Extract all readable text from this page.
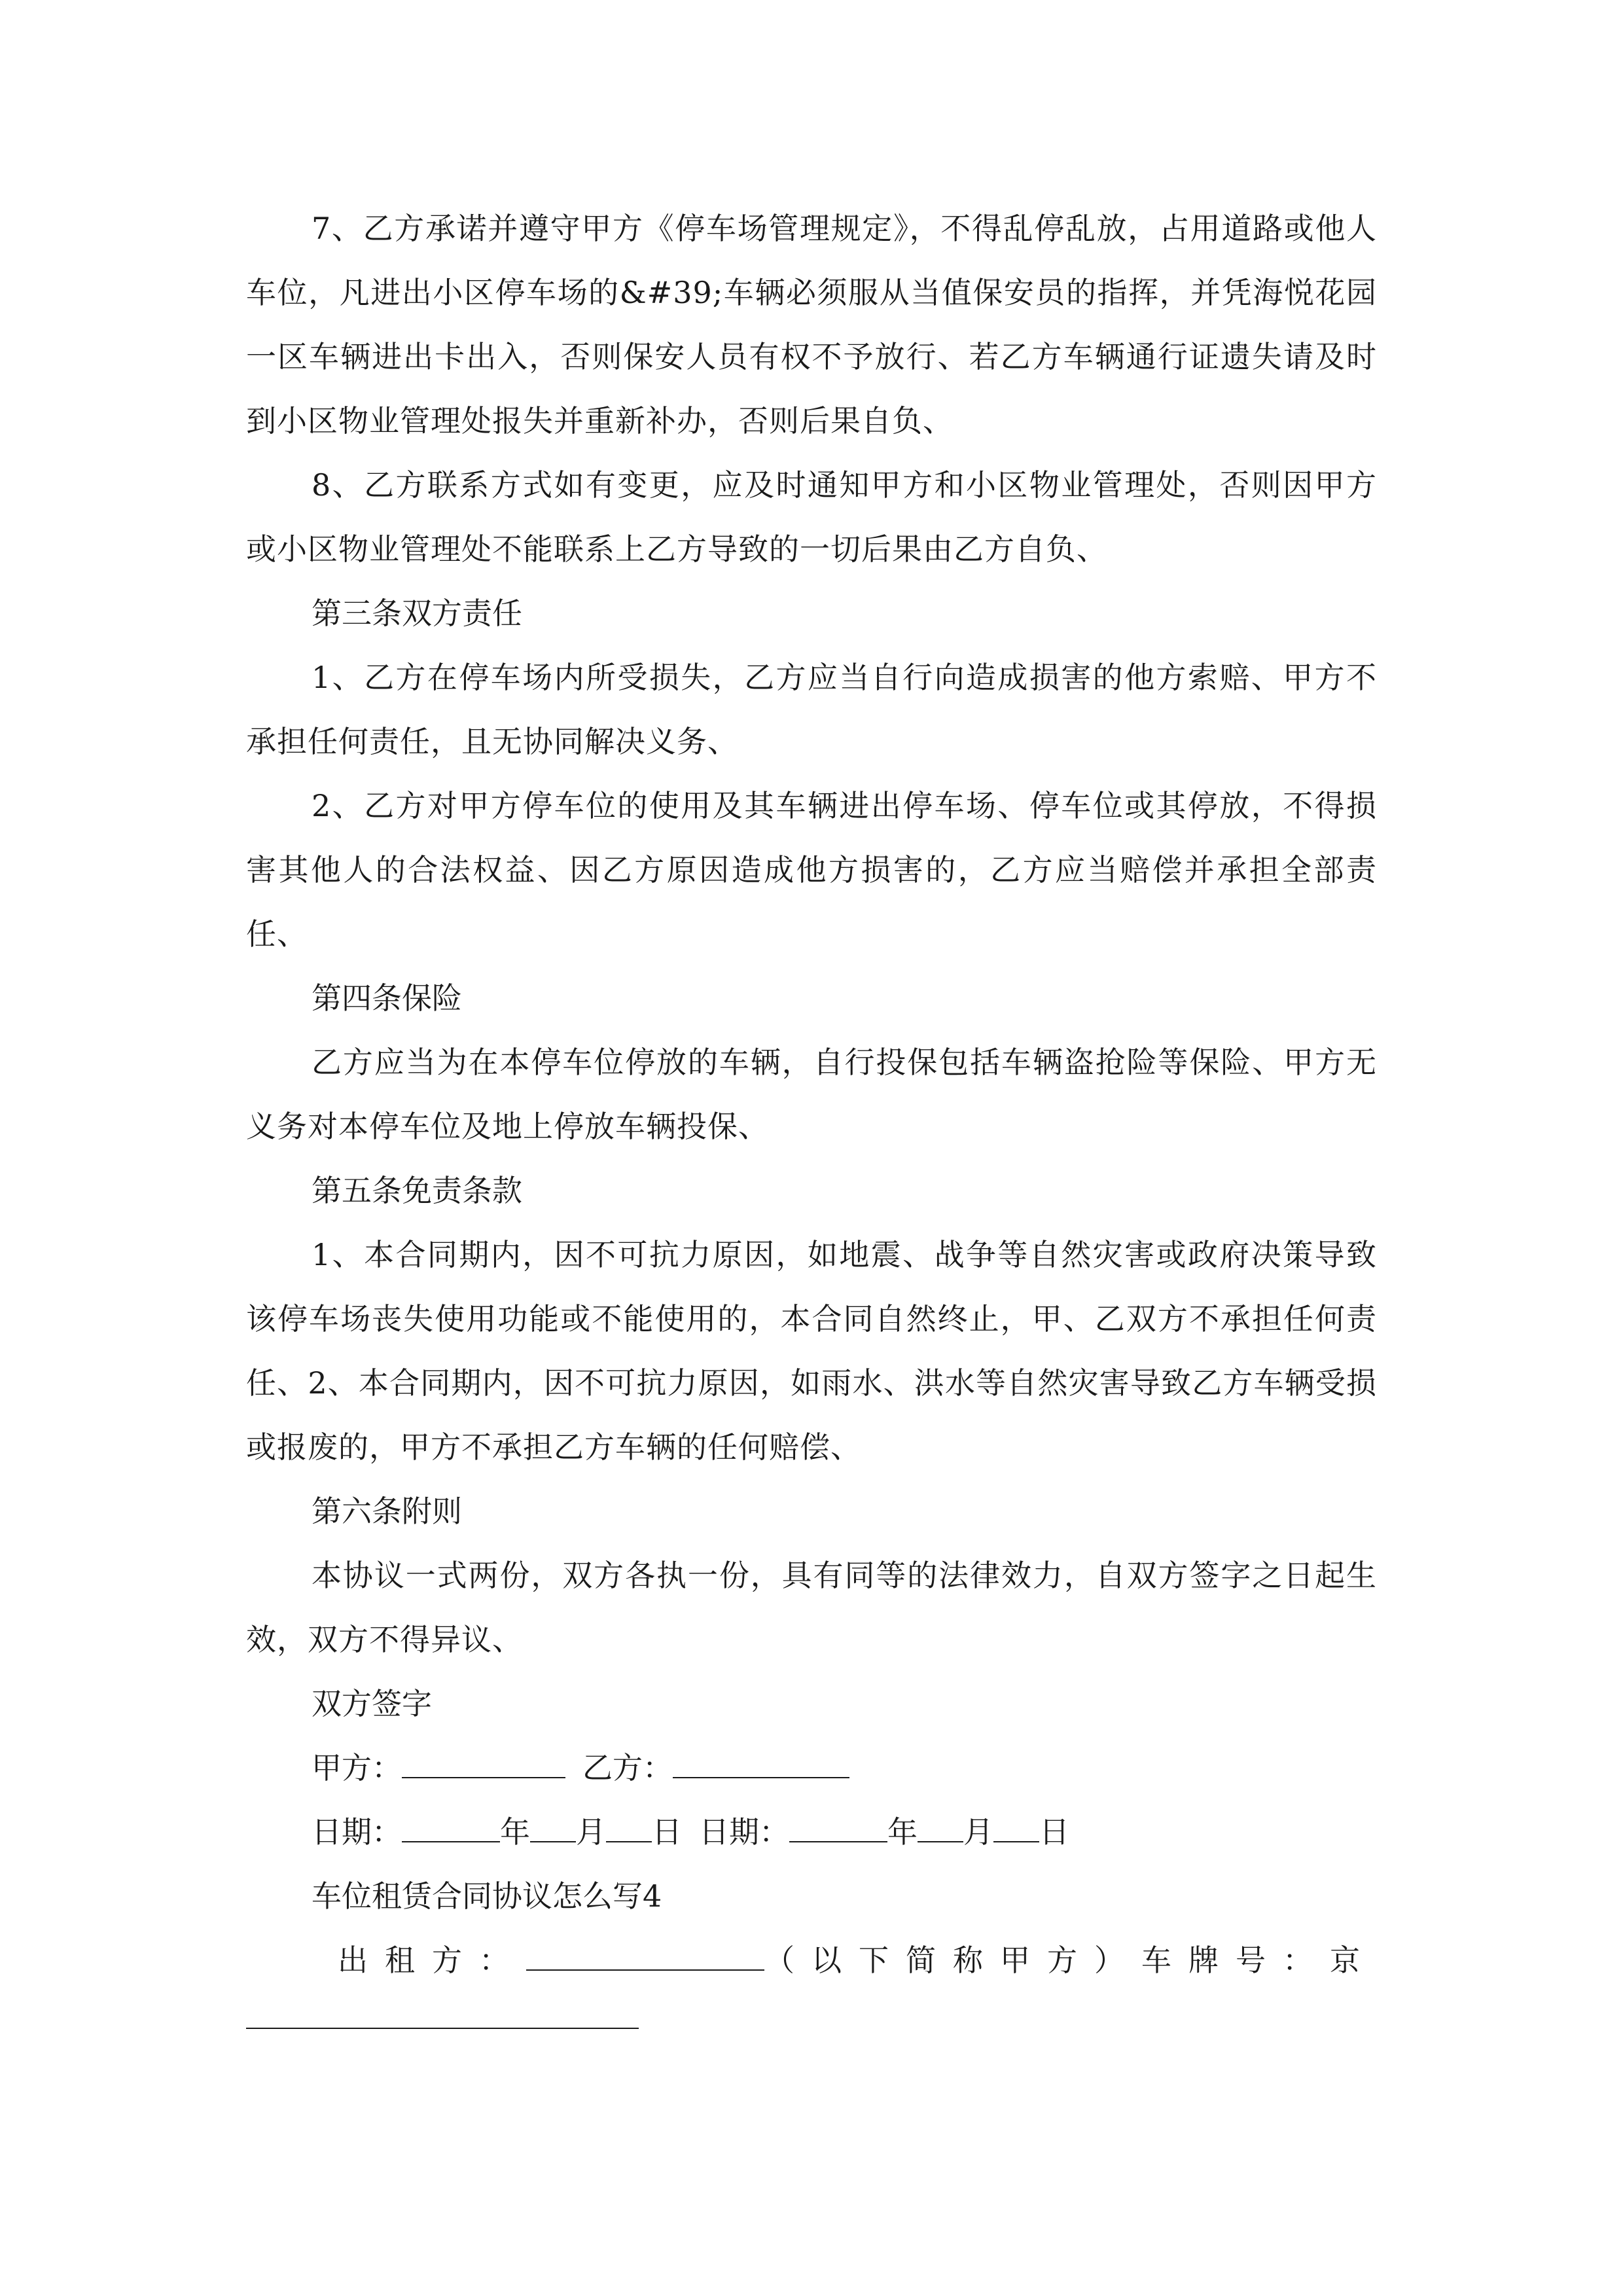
7、乙方承诺并遵守甲方《停车场管理规定》，不得乱停乱放，占用道路或他人车位，凡进出小区停车场的&#39;车辆必须服从当值保安员的指挥，并凭海悦花园一区车辆进出卡出入，否则保安人员有权不予放行、若乙方车辆通行证遗失请及时到小区物业管理处报失并重新补办，否则后果自负、

8、乙方联系方式如有变更，应及时通知甲方和小区物业管理处，否则因甲方或小区物业管理处不能联系上乙方导致的一切后果由乙方自负、

第三条双方责任

1、乙方在停车场内所受损失，乙方应当自行向造成损害的他方索赔、甲方不承担任何责任，且无协同解决义务、

2、乙方对甲方停车位的使用及其车辆进出停车场、停车位或其停放，不得损害其他人的合法权益、因乙方原因造成他方损害的，乙方应当赔偿并承担全部责任、

第四条保险

乙方应当为在本停车位停放的车辆，自行投保包括车辆盗抢险等保险、甲方无义务对本停车位及地上停放车辆投保、

第五条免责条款

1、本合同期内，因不可抗力原因，如地震、战争等自然灾害或政府决策导致该停车场丧失使用功能或不能使用的，本合同自然终止，甲、乙双方不承担任何责任、2、本合同期内，因不可抗力原因，如雨水、洪水等自然灾害导致乙方车辆受损或报废的，甲方不承担乙方车辆的任何赔偿、

第六条附则

本协议一式两份，双方各执一份，具有同等的法律效力，自双方签字之日起生效，双方不得异议、

双方签字

甲方：	乙方：

日期：	年 月 日 日期：	年 月 日

车位租赁合同协议怎么写4

出租方：	（以下简称甲方） 车牌号：京
